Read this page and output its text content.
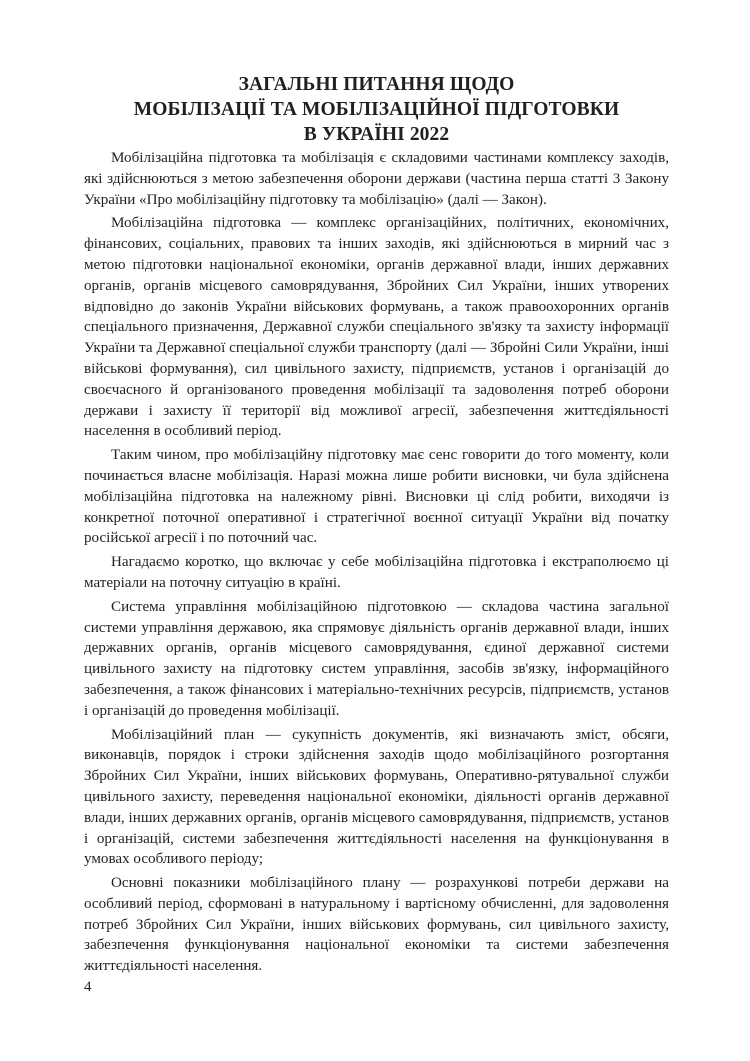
ЗАГАЛЬНІ ПИТАННЯ ЩОДО
МОБІЛІЗАЦІЇ ТА МОБІЛІЗАЦІЙНОЇ ПІДГОТОВКИ
В УКРАЇНІ 2022

Мобілізаційна підготовка та мобілізація є складовими частинами комплексу заходів, які здійснюються з метою забезпечення оборони держави (частина перша статті 3 Закону України «Про мобілізаційну підготовку та мобілізацію» (далі — Закон).

Мобілізаційна підготовка — комплекс організаційних, політичних, економічних, фінансових, соціальних, правових та інших заходів, які здійснюються в мирний час з метою підготовки національної економіки, органів державної влади, інших державних органів, органів місцевого самоврядування, Збройних Сил України, інших утворених відповідно до законів України військових формувань, а також правоохоронних органів спеціального призначення, Державної служби спеціального зв'язку та захисту інформації України та Державної спеціальної служби транспорту (далі — Збройні Сили України, інші військові формування), сил цивільного захисту, підприємств, установ і організацій до своєчасного й організованого проведення мобілізації та задоволення потреб оборони держави і захисту її території від можливої агресії, забезпечення життєдіяльності населення в особливий період.

Таким чином, про мобілізаційну підготовку має сенс говорити до того моменту, коли починається власне мобілізація. Наразі можна лише робити висновки, чи була здійснена мобілізаційна підготовка на належному рівні. Висновки ці слід робити, виходячи із конкретної поточної оперативної і стратегічної воєнної ситуації України від початку російської агресії і по поточний час.

Нагадаємо коротко, що включає у себе мобілізаційна підготовка і екстраполюємо ці матеріали на поточну ситуацію в країні.

Система управління мобілізаційною підготовкою — складова частина загальної системи управління державою, яка спрямовує діяльність органів державної влади, інших державних органів, органів місцевого самоврядування, єдиної державної системи цивільного захисту на підготовку систем управління, засобів зв'язку, інформаційного забезпечення, а також фінансових і матеріально-технічних ресурсів, підприємств, установ і організацій до проведення мобілізації.

Мобілізаційний план — сукупність документів, які визначають зміст, обсяги, виконавців, порядок і строки здійснення заходів щодо мобілізаційного розгортання Збройних Сил України, інших військових формувань, Оперативно-рятувальної служби цивільного захисту, переведення національної економіки, діяльності органів державної влади, інших державних органів, органів місцевого самоврядування, підприємств, установ і організацій, системи забезпечення життєдіяльності населення на функціонування в умовах особливого періоду;

Основні показники мобілізаційного плану — розрахункові потреби держави на особливий період, сформовані в натуральному і вартісному обчисленні, для задоволення потреб Збройних Сил України, інших військових формувань, сил цивільного захисту, забезпечення функціонування національної економіки та системи забезпечення життєдіяльності населення.

4
